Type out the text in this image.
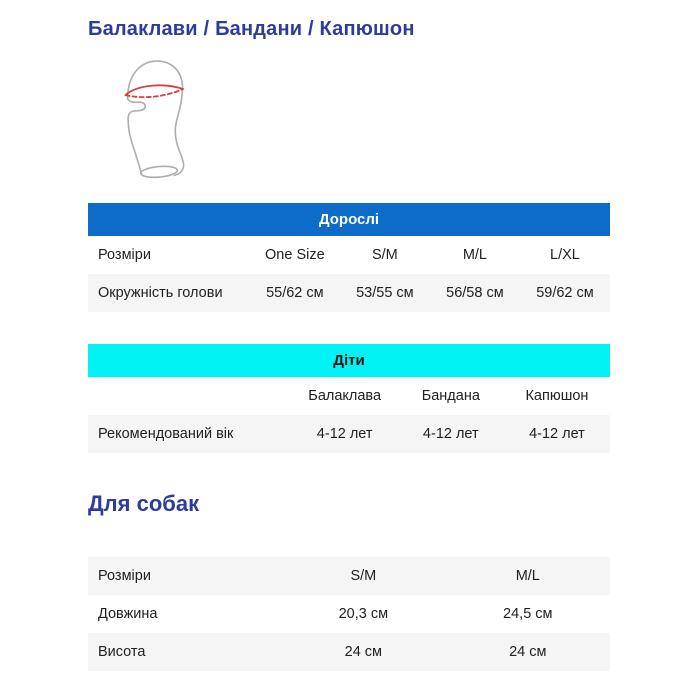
Балаклави / Бандани / Капюшон
Дорослі
Розміри	One Size	S/M	M/L	L/XL
Окружність голови	55/62 см	53/55 см	56/58 см	59/62 см
Діти
	Балаклава	Бандана	Капюшон
Рекомендований вік	4-12 лет	4-12 лет	4-12 лет
Для собак
Розміри	S/M	M/L
Довжина	20,3 см	24,5 см
Висота	24 см	24 см
